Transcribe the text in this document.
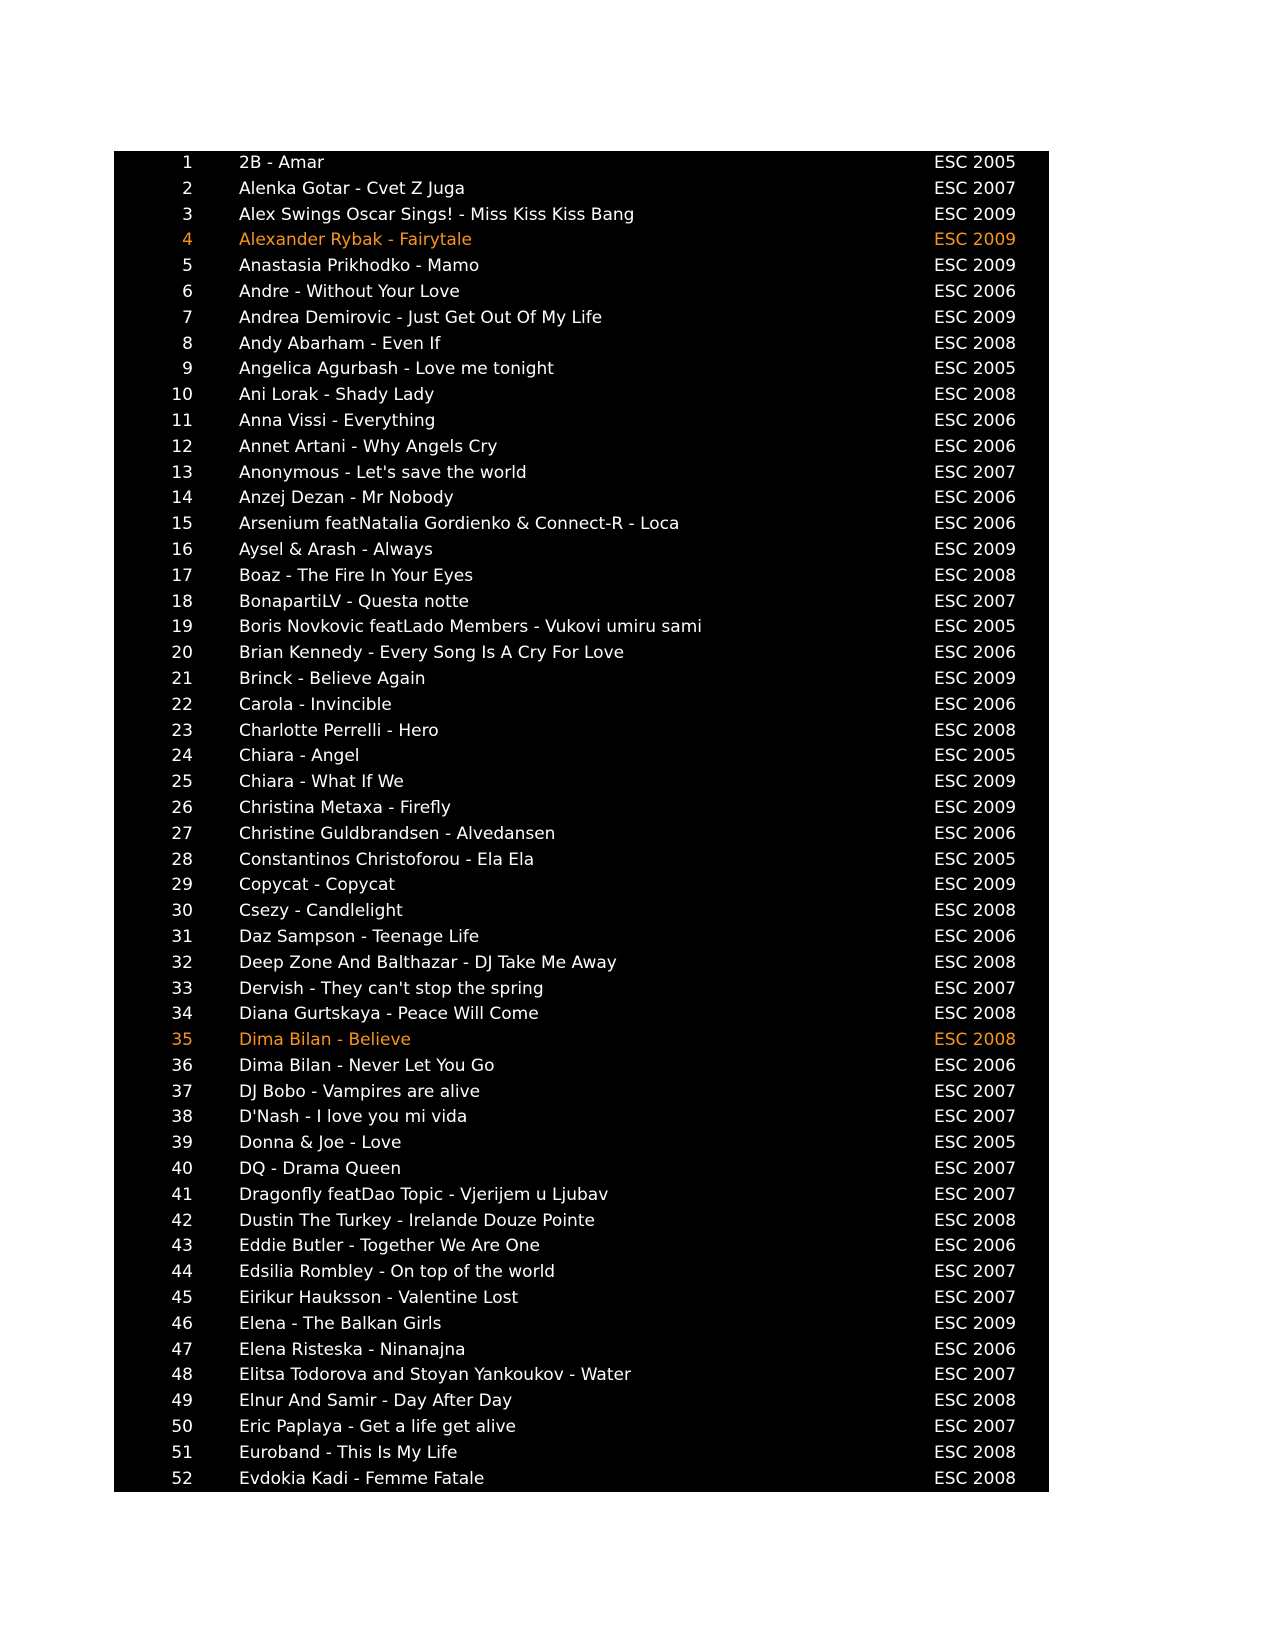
1	2B - Amar	ESC 2005
2	Alenka Gotar - Cvet Z Juga	ESC 2007
3	Alex Swings Oscar Sings! - Miss Kiss Kiss Bang	ESC 2009
4	Alexander Rybak - Fairytale	ESC 2009
5	Anastasia Prikhodko - Mamo	ESC 2009
6	Andre - Without Your Love	ESC 2006
7	Andrea Demirovic - Just Get Out Of My Life	ESC 2009
8	Andy Abarham - Even If	ESC 2008
9	Angelica Agurbash - Love me tonight	ESC 2005
10	Ani Lorak - Shady Lady	ESC 2008
11	Anna Vissi - Everything	ESC 2006
12	Annet Artani - Why Angels Cry	ESC 2006
13	Anonymous - Let's save the world	ESC 2007
14	Anzej Dezan - Mr Nobody	ESC 2006
15	Arsenium featNatalia Gordienko & Connect-R - Loca	ESC 2006
16	Aysel & Arash - Always	ESC 2009
17	Boaz - The Fire In Your Eyes	ESC 2008
18	BonapartiLV - Questa notte	ESC 2007
19	Boris Novkovic featLado Members - Vukovi umiru sami	ESC 2005
20	Brian Kennedy - Every Song Is A Cry For Love	ESC 2006
21	Brinck - Believe Again	ESC 2009
22	Carola - Invincible	ESC 2006
23	Charlotte Perrelli - Hero	ESC 2008
24	Chiara - Angel	ESC 2005
25	Chiara - What If We	ESC 2009
26	Christina Metaxa - Firefly	ESC 2009
27	Christine Guldbrandsen - Alvedansen	ESC 2006
28	Constantinos Christoforou - Ela Ela	ESC 2005
29	Copycat - Copycat	ESC 2009
30	Csezy - Candlelight	ESC 2008
31	Daz Sampson - Teenage Life	ESC 2006
32	Deep Zone And Balthazar - DJ Take Me Away	ESC 2008
33	Dervish - They can't stop the spring	ESC 2007
34	Diana Gurtskaya - Peace Will Come	ESC 2008
35	Dima Bilan - Believe	ESC 2008
36	Dima Bilan - Never Let You Go	ESC 2006
37	DJ Bobo - Vampires are alive	ESC 2007
38	D'Nash - I love you mi vida	ESC 2007
39	Donna & Joe - Love	ESC 2005
40	DQ - Drama Queen	ESC 2007
41	Dragonfly featDao Topic - Vjerijem u Ljubav	ESC 2007
42	Dustin The Turkey - Irelande Douze Pointe	ESC 2008
43	Eddie Butler - Together We Are One	ESC 2006
44	Edsilia Rombley - On top of the world	ESC 2007
45	Eirikur Hauksson - Valentine Lost	ESC 2007
46	Elena - The Balkan Girls	ESC 2009
47	Elena Risteska - Ninanajna	ESC 2006
48	Elitsa Todorova and Stoyan Yankoukov - Water	ESC 2007
49	Elnur And Samir - Day After Day	ESC 2008
50	Eric Paplaya - Get a life get alive	ESC 2007
51	Euroband - This Is My Life	ESC 2008
52	Evdokia Kadi - Femme Fatale	ESC 2008
